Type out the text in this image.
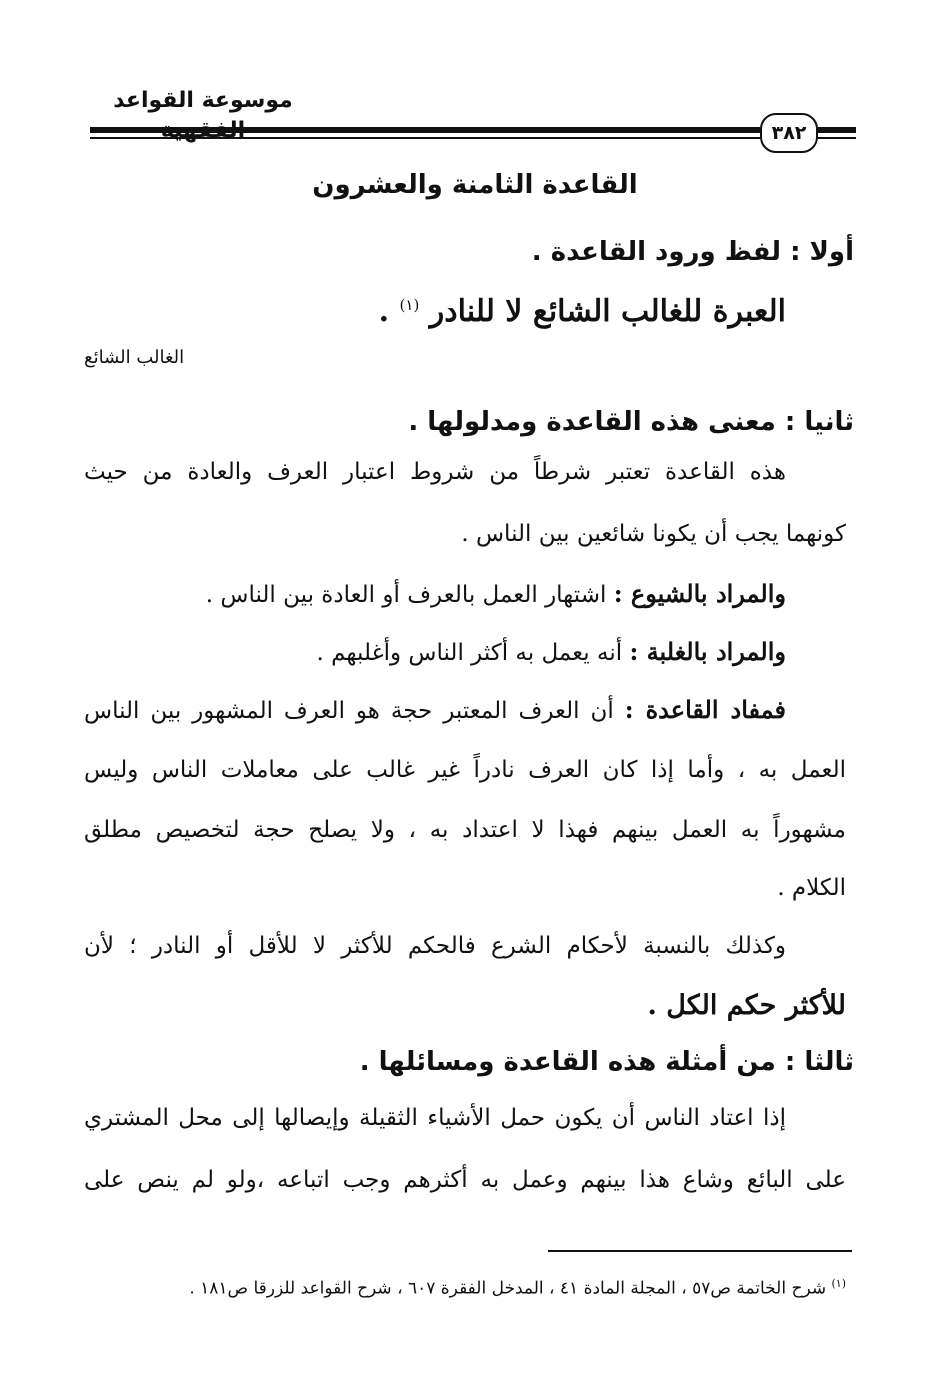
موسوعة القواعد
٣٨٢

القاعدة الثامنة والعشرون

أولا : لفظ ورود القاعدة .

العبرة للغالب الشائع لا للنادر $^{(١)}$ .

الغالب الشائع

ثانيا : معنى هذه القاعدة ومدلولها .

هذه القاعدة تعتبر شرطاً من شروط اعتبار العرف والعادة من حيث

كونهما يجب أن يكونا شائعين بين الناس .

والمراد بالشيوع : اشتهار العمل بالعرف أو العادة بين الناس .

والمراد بالغلبة : أنه يعمل به أكثر الناس وأغلبهم .

فمفاد القاعدة : أن العرف المعتبر حجة هو العرف المشهور بين الناس

العمل به ، وأما إذا كان العرف نادراً غير غالب على معاملات الناس وليس

مشهوراً به العمل بينهم فهذا لا اعتداد به ، ولا يصلح حجة لتخصيص مطلق

الكلام .

وكذلك بالنسبة لأحكام الشرع فالحكم للأكثر لا للأقل أو النادر ؛ لأن

للأكثر حكم الكل .

ثالثا : من أمثلة هذه القاعدة ومسائلها .

إذا اعتاد الناس أن يكون حمل الأشياء الثقيلة وإيصالها إلى محل المشتري

على البائع وشاع هذا بينهم وعمل به أكثرهم وجب اتباعه ،ولو لم ينص على

$^{(١)}$ شرح الخاتمة ص٥٧ ، المجلة المادة ٤١ ، المدخل الفقرة ٦٠٧ ، شرح القواعد للزرقا ص١٨١ .
